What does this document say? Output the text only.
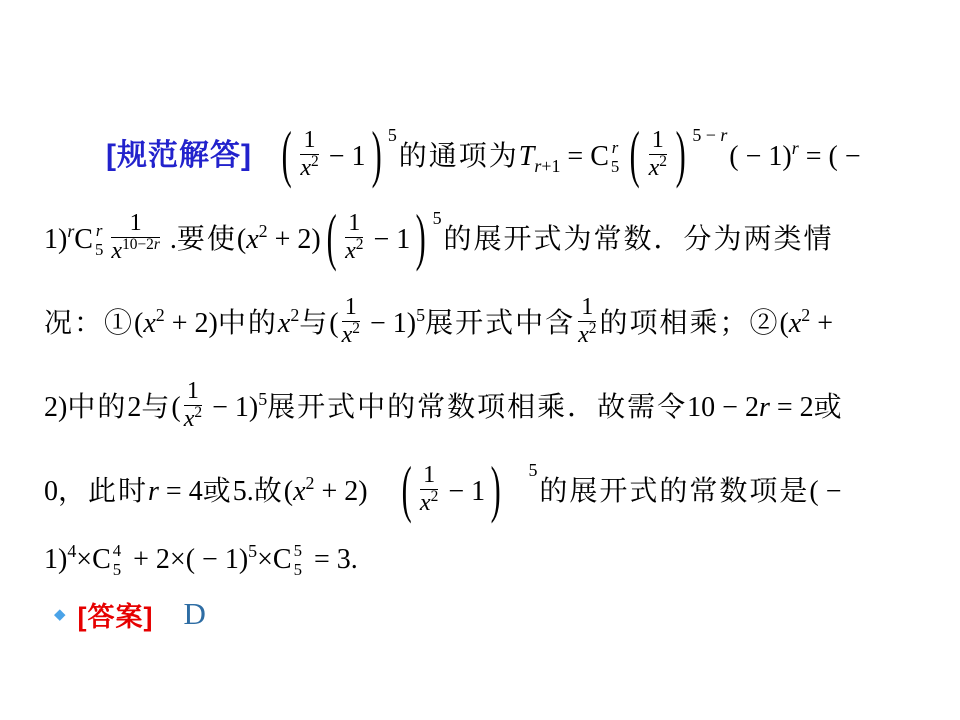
[规范解答] ( $\frac{1}{x^2} - 1$ ) $^5$的通项为$T_{r+1} = C$ r
5 ( $\frac{1}{x^2}$ ) $^{5 - r}( - 1)^r$ = ( −
1)$^r$C r
$5 \frac{1}{x^{10-2r}}$ .要使$(x^2 + 2)$ ( $\frac{1}{x^2} - 1$ ) $^5$的展开式为常数．分为两类情
况：$①(x^2 + 2)$中的$x^2$与( $\frac{1}{x^2} - 1)^5$展开式中含 $\frac{1}{x^2}$ 的项相乘；$②(x^2$ +
2)中的2与( $\frac{1}{x^2} - 1)^5$展开式中的常数项相乘．故需令10 − 2r = 2或
0，此时r = 4或5.故$(x^2 + 2)$    ( $\frac{1}{x^2} - 1$ ) $^5$的展开式的常数项是( −
1)$^4$×C 4
$5 + 2\times( - 1)^5\times C$ 5
5 = 3.
◆ [答案] D
